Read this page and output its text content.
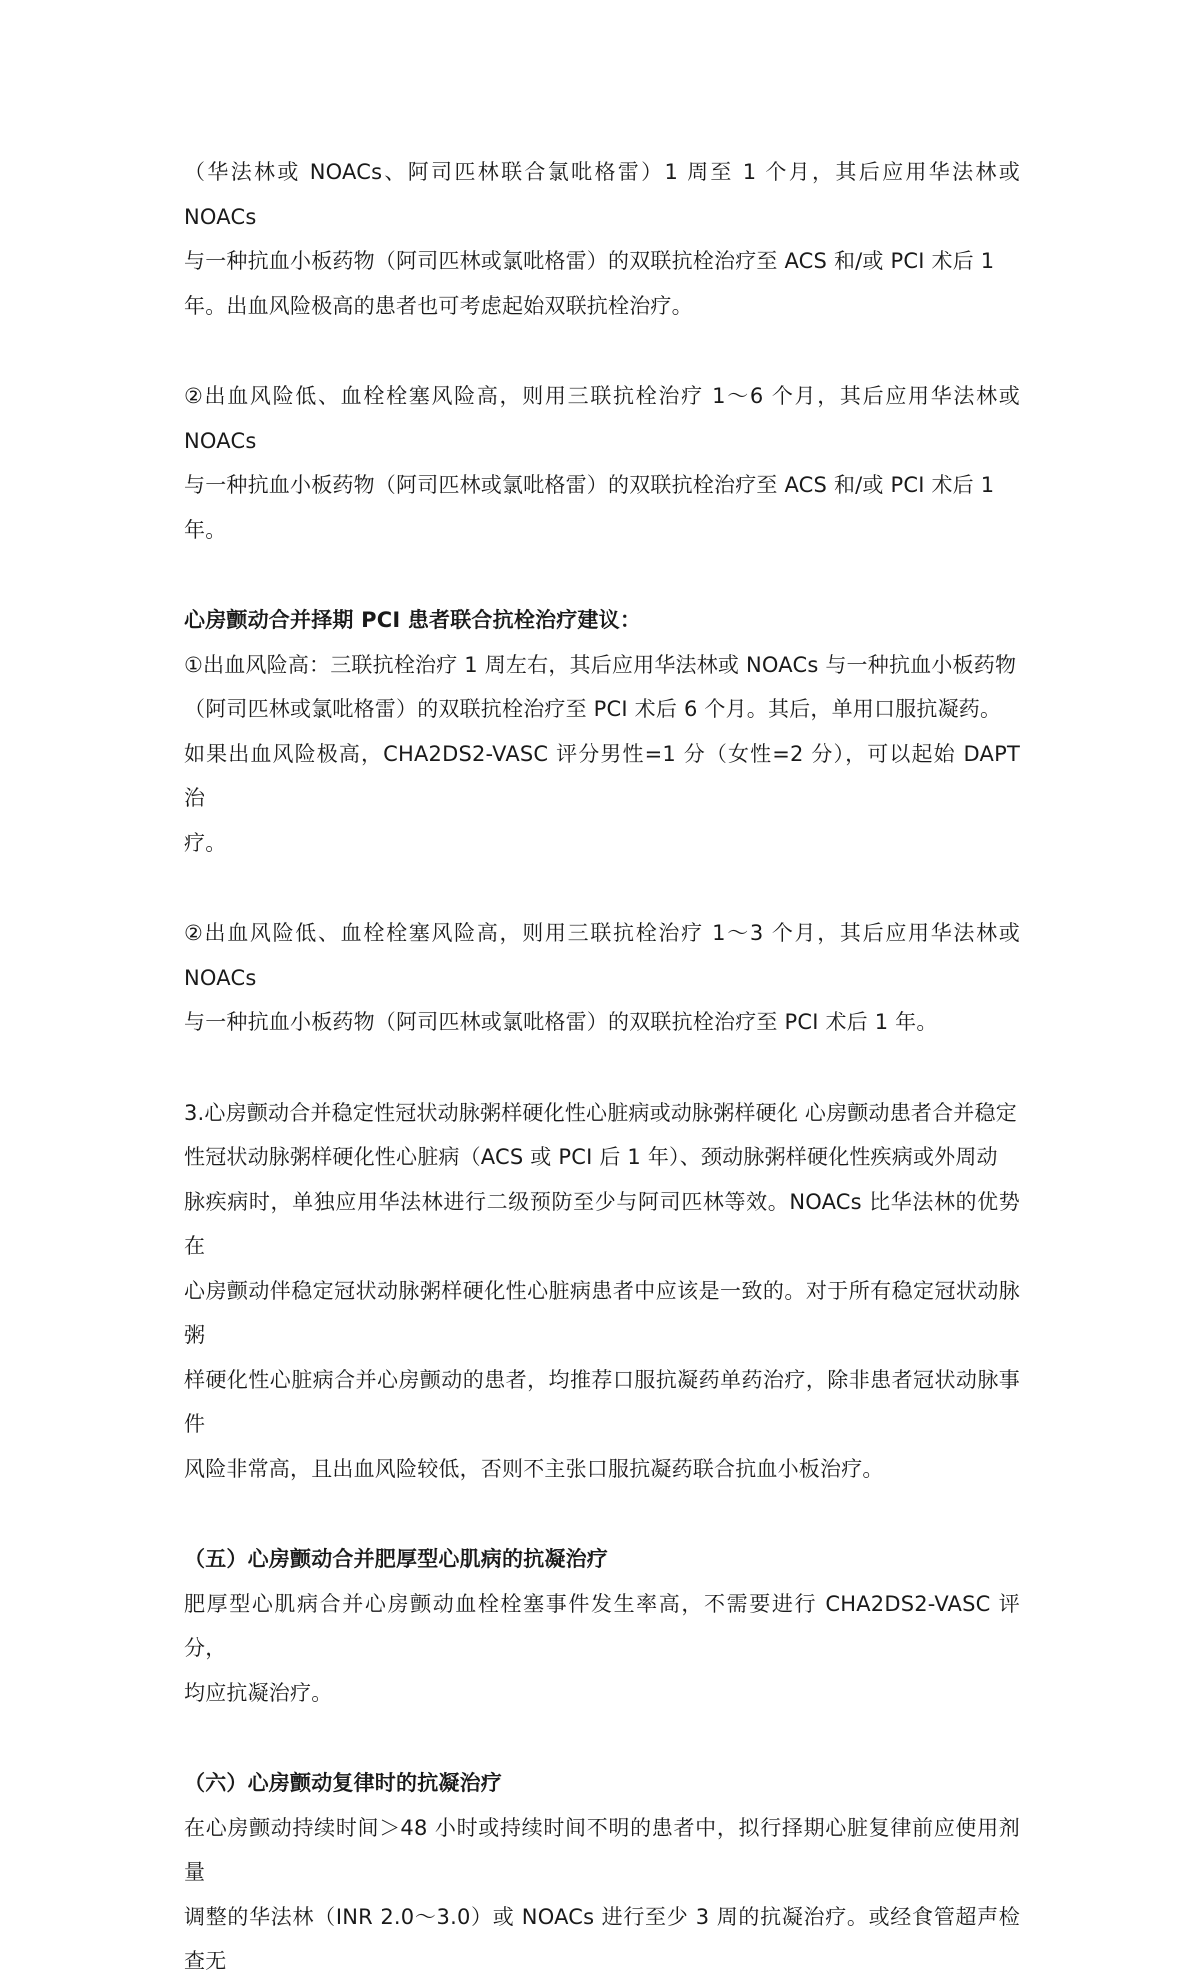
（华法林或 NOACs、阿司匹林联合氯吡格雷）1 周至 1 个月，其后应用华法林或 NOACs

与一种抗血小板药物（阿司匹林或氯吡格雷）的双联抗栓治疗至 ACS 和/或 PCI 术后 1

年。出血风险极高的患者也可考虑起始双联抗栓治疗。

②出血风险低、血栓栓塞风险高，则用三联抗栓治疗 1～6 个月，其后应用华法林或 NOACs

与一种抗血小板药物（阿司匹林或氯吡格雷）的双联抗栓治疗至 ACS 和/或 PCI 术后 1

年。

心房颤动合并择期 PCI 患者联合抗栓治疗建议：

①出血风险高：三联抗栓治疗 1 周左右，其后应用华法林或 NOACs 与一种抗血小板药物

（阿司匹林或氯吡格雷）的双联抗栓治疗至 PCI 术后 6 个月。其后，单用口服抗凝药。

如果出血风险极高，CHA2DS2-VASC 评分男性=1 分（女性=2 分），可以起始 DAPT 治

疗。

②出血风险低、血栓栓塞风险高，则用三联抗栓治疗 1～3 个月，其后应用华法林或 NOACs

与一种抗血小板药物（阿司匹林或氯吡格雷）的双联抗栓治疗至 PCI 术后 1 年。

3.心房颤动合并稳定性冠状动脉粥样硬化性心脏病或动脉粥样硬化 心房颤动患者合并稳定

性冠状动脉粥样硬化性心脏病（ACS 或 PCI 后 1 年）、颈动脉粥样硬化性疾病或外周动

脉疾病时，单独应用华法林进行二级预防至少与阿司匹林等效。NOACs 比华法林的优势在

心房颤动伴稳定冠状动脉粥样硬化性心脏病患者中应该是一致的。对于所有稳定冠状动脉粥

样硬化性心脏病合并心房颤动的患者，均推荐口服抗凝药单药治疗，除非患者冠状动脉事件

风险非常高，且出血风险较低，否则不主张口服抗凝药联合抗血小板治疗。

（五）心房颤动合并肥厚型心肌病的抗凝治疗

肥厚型心肌病合并心房颤动血栓栓塞事件发生率高，不需要进行 CHA2DS2-VASC 评分，

均应抗凝治疗。

（六）心房颤动复律时的抗凝治疗

在心房颤动持续时间＞48 小时或持续时间不明的患者中，拟行择期心脏复律前应使用剂量

调整的华法林（INR 2.0～3.0）或 NOACs 进行至少 3 周的抗凝治疗。或经食管超声检查无
